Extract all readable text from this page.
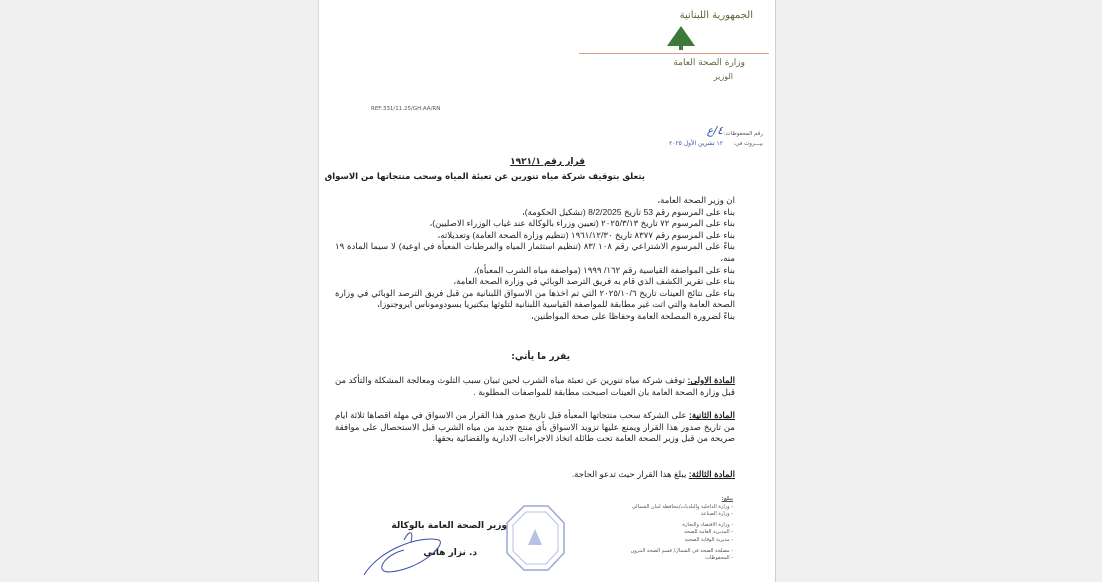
الجمهورية اللبنانية
وزارة الصحة العامة
الوزير
REF:331/11.25/GH.AA/RN
رقم المحفوظات:
٤/ع
بيـــروت في:
١٢ تشرين الأول ٢٠٢٥
قرار رقم ١٩٢١/١
يتعلق بتوقيف شركة مياه تنورين عن تعبئة المياه وسحب منتجاتها من الاسواق
ان وزير الصحة العامة،
بناء على المرسوم رقم 53 تاريخ 8/2/2025 (تشكيل الحكومة)،
بناء على المرسوم ٧٢ تاريخ ٢٠٢٥/٣/١٣ (تعيين وزراء بالوكالة عند غياب الوزراء الاصليين)،
بناء على المرسوم رقم ٨٣٧٧ تاريخ ١٩٦١/١٢/٣٠ (تنظيم وزارة الصحة العامة) وتعديلاته،
بناءً على المرسوم الاشتراعي رقم ١٠٨ /٨٣ (تنظيم استثمار المياه والمرطبات المعبأة في اوعية) لا سيما المادة ١٩ منه،
بناء على المواصفة القياسية رقم ١٦٢/ ١٩٩٩ (مواصفة مياه الشرب المعبأة)،
بناء على تقرير الكشف الذي قام به فريق الترصد الوبائي في وزارة الصحة العامة،
بناء على نتائج العينات تاريخ ٢٠٢٥/١٠/٦ التي تم اخذها من الاسواق اللبنانية من قبل فريق الترصد الوبائي في وزارة الصحة العامة والتي اتت غير مطابقة للمواصفة القياسية اللبنانية لتلوثها ببكتيريا بسودوموناس ايروجنوزا،
بناءً لضرورة المصلحة العامة وحفاظا على صحة المواطنين،
يقرر ما يأتي:
المادة الاولى: توقف شركة مياه تنورين عن تعبئة مياه الشرب لحين تبيان سبب التلوث ومعالجة المشكلة والتأكد من قبل وزارة الصحة العامة بان العينات اصبحت مطابقة للمواصفات المطلوبة .
المادة الثانية: على الشركة سحب منتجاتها المعبأة قبل تاريخ صدور هذا القرار من الاسواق في مهلة اقصاها ثلاثة ايام من تاريخ صدور هذا القرار ويمنع عليها تزويد الاسواق بأي منتج جديد من مياه الشرب قبل الاستحصال على موافقة صريحة من قبل وزير الصحة العامة تحت طائلة اتخاذ الاجراءات الادارية والقضائية بحقها.
المادة الثالثة: يبلغ هذا القرار حيث تدعو الحاجة.
يبلغ:
- وزارة الداخلية والبلديات/محافظة لبنان الشمالي
- وزارة الصناعة
- وزارة الاقتصاد والتجارة
- المديرية العامة للصحة
- مديرية الوقاية الصحية
- مصلحة الصحة في الشمال/ قسم الصحة البترون
- المحفوظات
وزير الصحة العامة بالوكالة
د. نزار هاني
